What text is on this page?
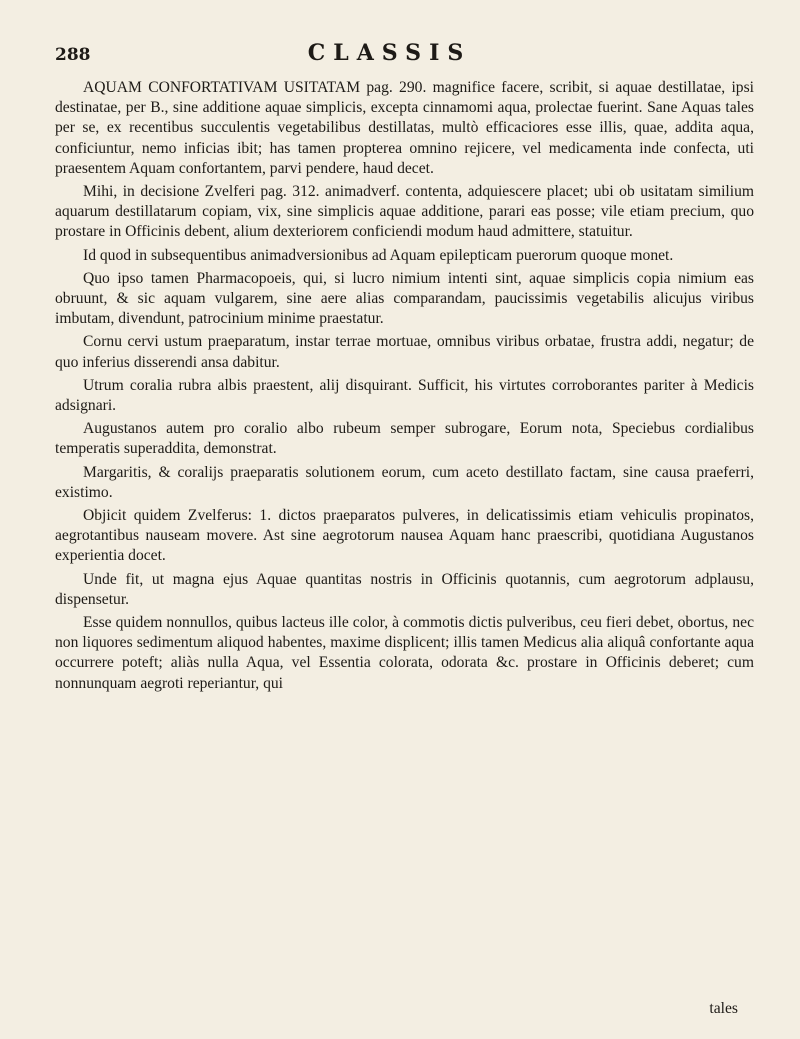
288	CLASSIS

AQUAM CONFORTATIVAM USITATAM pag. 290. magnifice facere, scribit, si aquae destillatae, ipsi destinatae, per B., sine additione aquae simplicis, excepta cinnamomi aqua, prolectae fuerint. Sane Aquas tales per se, ex recentibus succulentis vegetabilibus destillatas, multò efficaciores esse illis, quae, addita aqua, conficiuntur, nemo inficias ibit; has tamen propterea omnino rejicere, vel medicamenta inde confecta, uti praesentem Aquam confortantem, parvi pendere, haud decet.

Mihi, in decisione Zvelferi pag. 312. animadverf. contenta, adquiescere placet; ubi ob usitatam similium aquarum destillatarum copiam, vix, sine simplicis aquae additione, parari eas posse; vile etiam precium, quo prostare in Officinis debent, alium dexteriorem conficiendi modum haud admittere, statuitur.

Id quod in subsequentibus animadversionibus ad Aquam epilepticam puerorum quoque monet.

Quo ipso tamen Pharmacopoeis, qui, si lucro nimium intenti sint, aquae simplicis copia nimium eas obruunt, & sic aquam vulgarem, sine aere alias comparandam, paucissimis vegetabilis alicujus viribus imbutam, divendunt, patrocinium minime praestatur.

Cornu cervi ustum praeparatum, instar terrae mortuae, omnibus viribus orbatae, frustra addi, negatur; de quo inferius disserendi ansa dabitur.

Utrum coralia rubra albis praestent, alij disquirant. Sufficit, his virtutes corroborantes pariter à Medicis adsignari.

Augustanos autem pro coralio albo rubeum semper subrogare, Eorum nota, Speciebus cordialibus temperatis superaddita, demonstrat.

Margaritis, & coralijs praeparatis solutionem eorum, cum aceto destillato factam, sine causa praeferri, existimo.

Objicit quidem Zvelferus: 1. dictos praeparatos pulveres, in delicatissimis etiam vehiculis propinatos, aegrotantibus nauseam movere. Ast sine aegrotorum nausea Aquam hanc praescribi, quotidiana Augustanos experientia docet.

Unde fit, ut magna ejus Aquae quantitas nostris in Officinis quotannis, cum aegrotorum adplausu, dispensetur.

Esse quidem nonnullos, quibus lacteus ille color, à commotis dictis pulveribus, ceu fieri debet, obortus, nec non liquores sedimentum aliquod habentes, maxime displicent; illis tamen Medicus alia aliquâ confortante aqua occurrere poteft; aliàs nulla Aqua, vel Essentia colorata, odorata &c. prostare in Officinis deberet; cum nonnunquam aegroti reperiantur, qui

tales
